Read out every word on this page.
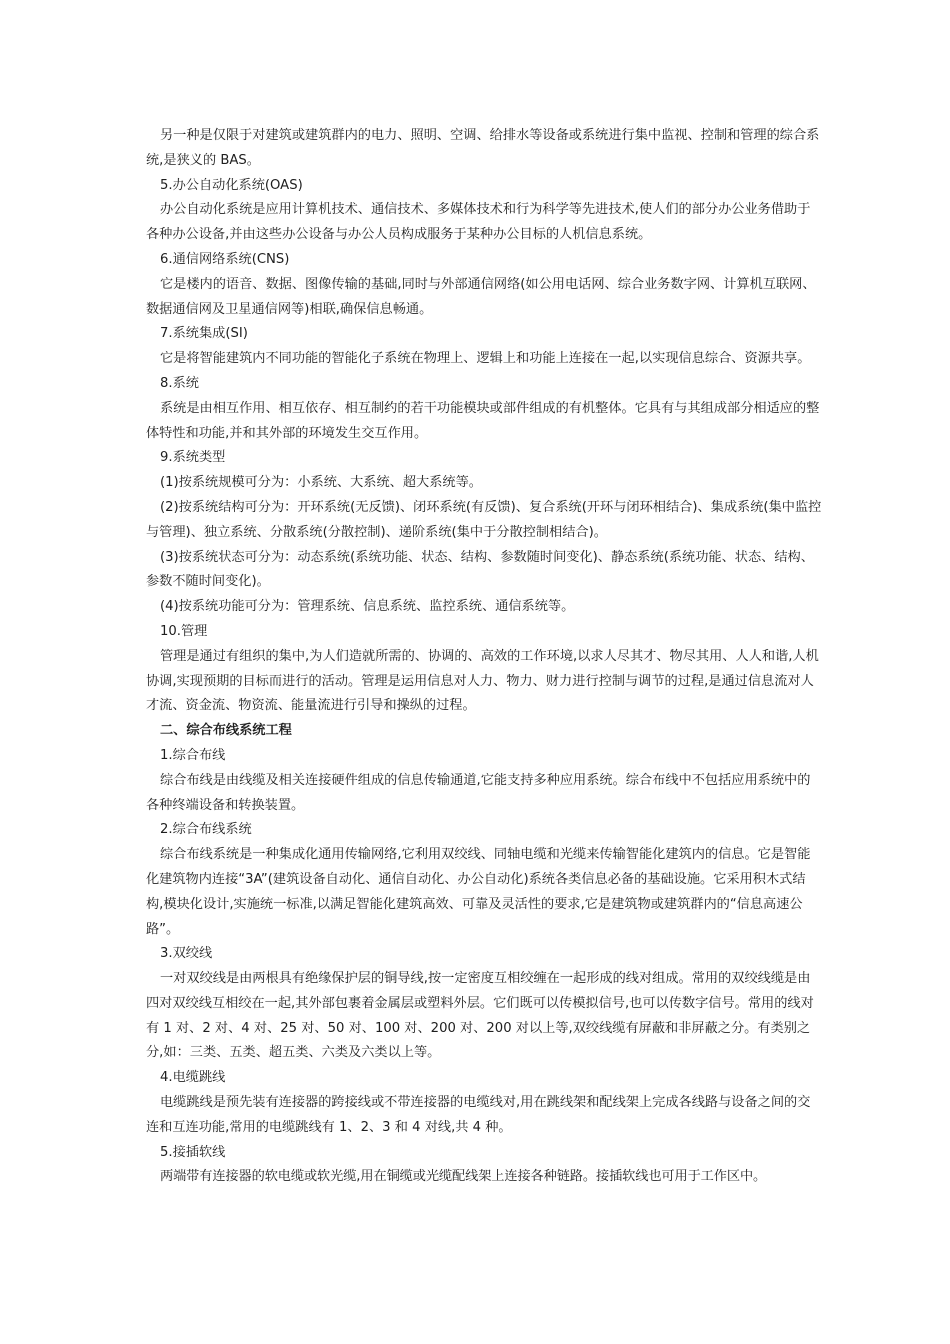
另一种是仅限于对建筑或建筑群内的电力、照明、空调、给排水等设备或系统进行集中监视、控制和管理的综合系统,是狭义的 BAS。

5.办公自动化系统(OAS)

办公自动化系统是应用计算机技术、通信技术、多媒体技术和行为科学等先进技术,使人们的部分办公业务借助于各种办公设备,并由这些办公设备与办公人员构成服务于某种办公目标的人机信息系统。

6.通信网络系统(CNS)

它是楼内的语音、数据、图像传输的基础,同时与外部通信网络(如公用电话网、综合业务数字网、计算机互联网、数据通信网及卫星通信网等)相联,确保信息畅通。

7.系统集成(SI)

它是将智能建筑内不同功能的智能化子系统在物理上、逻辑上和功能上连接在一起,以实现信息综合、资源共享。

8.系统

系统是由相互作用、相互依存、相互制约的若干功能模块或部件组成的有机整体。它具有与其组成部分相适应的整体特性和功能,并和其外部的环境发生交互作用。

9.系统类型

(1)按系统规模可分为：小系统、大系统、超大系统等。

(2)按系统结构可分为：开环系统(无反馈)、闭环系统(有反馈)、复合系统(开环与闭环相结合)、集成系统(集中监控与管理)、独立系统、分散系统(分散控制)、递阶系统(集中于分散控制相结合)。

(3)按系统状态可分为：动态系统(系统功能、状态、结构、参数随时间变化)、静态系统(系统功能、状态、结构、参数不随时间变化)。

(4)按系统功能可分为：管理系统、信息系统、监控系统、通信系统等。

10.管理

管理是通过有组织的集中,为人们造就所需的、协调的、高效的工作环境,以求人尽其才、物尽其用、人人和谐,人机协调,实现预期的目标而进行的活动。管理是运用信息对人力、物力、财力进行控制与调节的过程,是通过信息流对人才流、资金流、物资流、能量流进行引导和操纵的过程。

二、综合布线系统工程

1.综合布线

综合布线是由线缆及相关连接硬件组成的信息传输通道,它能支持多种应用系统。综合布线中不包括应用系统中的各种终端设备和转换装置。

2.综合布线系统

综合布线系统是一种集成化通用传输网络,它利用双绞线、同轴电缆和光缆来传输智能化建筑内的信息。它是智能化建筑物内连接“3A”(建筑设备自动化、通信自动化、办公自动化)系统各类信息必备的基础设施。它采用积木式结构,模块化设计,实施统一标准,以满足智能化建筑高效、可靠及灵活性的要求,它是建筑物或建筑群内的“信息高速公路”。

3.双绞线

一对双绞线是由两根具有绝缘保护层的铜导线,按一定密度互相绞缠在一起形成的线对组成。常用的双绞线缆是由四对双绞线互相绞在一起,其外部包裹着金属层或塑料外层。它们既可以传模拟信号,也可以传数字信号。常用的线对有 1 对、2 对、4 对、25 对、50 对、100 对、200 对、200 对以上等,双绞线缆有屏蔽和非屏蔽之分。有类别之分,如：三类、五类、超五类、六类及六类以上等。

4.电缆跳线

电缆跳线是预先装有连接器的跨接线或不带连接器的电缆线对,用在跳线架和配线架上完成各线路与设备之间的交连和互连功能,常用的电缆跳线有 1、2、3 和 4 对线,共 4 种。

5.接插软线

两端带有连接器的软电缆或软光缆,用在铜缆或光缆配线架上连接各种链路。接插软线也可用于工作区中。
